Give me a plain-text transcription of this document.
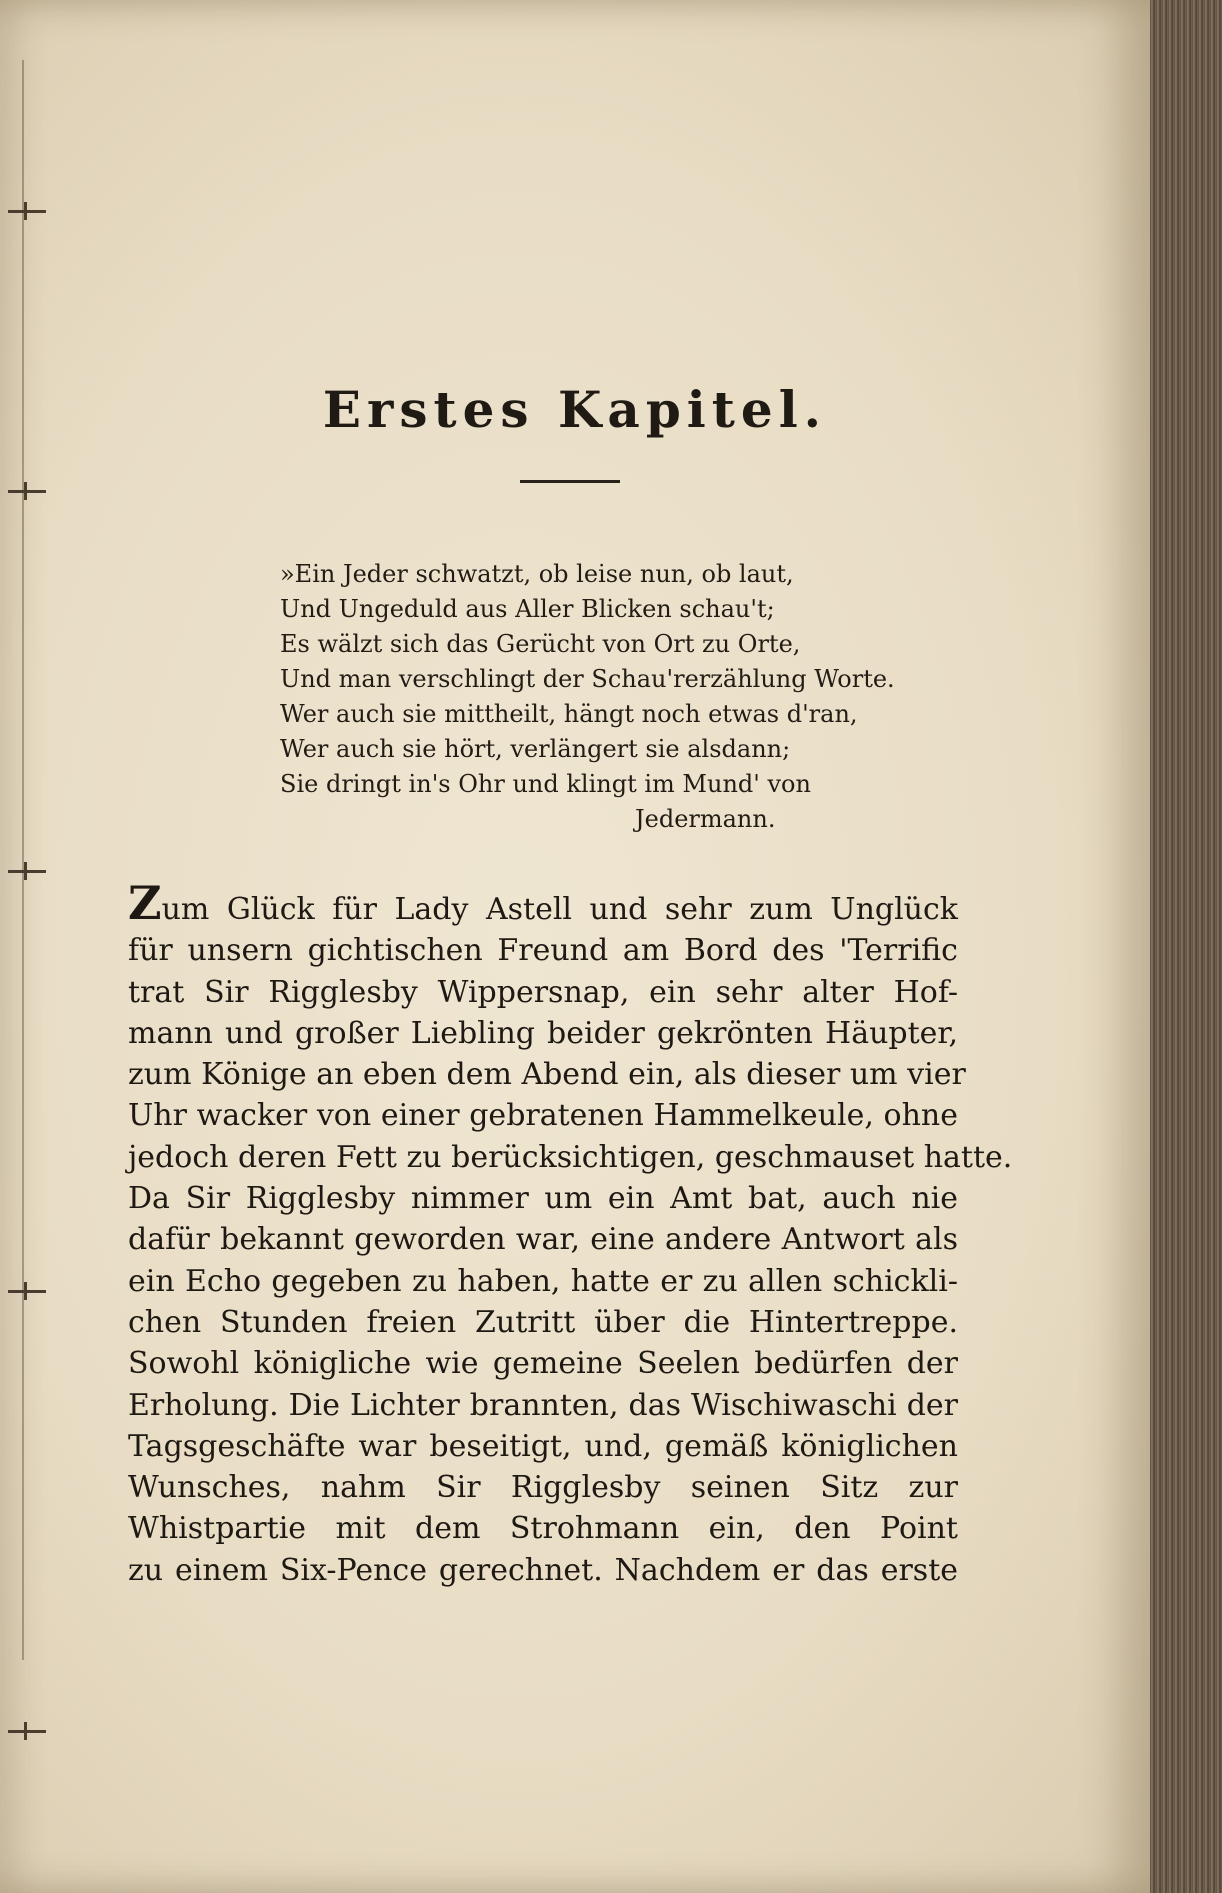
Erstes Kapitel.
»Ein Jeder schwatzt, ob leise nun, ob laut,
Und Ungeduld aus Aller Blicken schau't;
Es wälzt sich das Gerücht von Ort zu Orte,
Und man verschlingt der Schau'rerzählung Worte.
Wer auch sie mittheilt, hängt noch etwas d'ran,
Wer auch sie hört, verlängert sie alsdann;
Sie dringt in's Ohr und klingt im Mund' von
Jedermann.
Zum Glück für Lady Astell und sehr zum Unglück
für unsern gichtischen Freund am Bord des 'Terrific
trat Sir Rigglesby Wippersnap, ein sehr alter Hof-
mann und großer Liebling beider gekrönten Häupter,
zum Könige an eben dem Abend ein, als dieser um vier
Uhr wacker von einer gebratenen Hammelkeule, ohne
jedoch deren Fett zu berücksichtigen, geschmauset hatte.
Da Sir Rigglesby nimmer um ein Amt bat, auch nie
dafür bekannt geworden war, eine andere Antwort als
ein Echo gegeben zu haben, hatte er zu allen schickli-
chen Stunden freien Zutritt über die Hintertreppe.
Sowohl königliche wie gemeine Seelen bedürfen der
Erholung. Die Lichter brannten, das Wischiwaschi der
Tagsgeschäfte war beseitigt, und, gemäß königlichen
Wunsches, nahm Sir Rigglesby seinen Sitz zur
Whistpartie mit dem Strohmann ein, den Point
zu einem Six-Pence gerechnet. Nachdem er das erste
